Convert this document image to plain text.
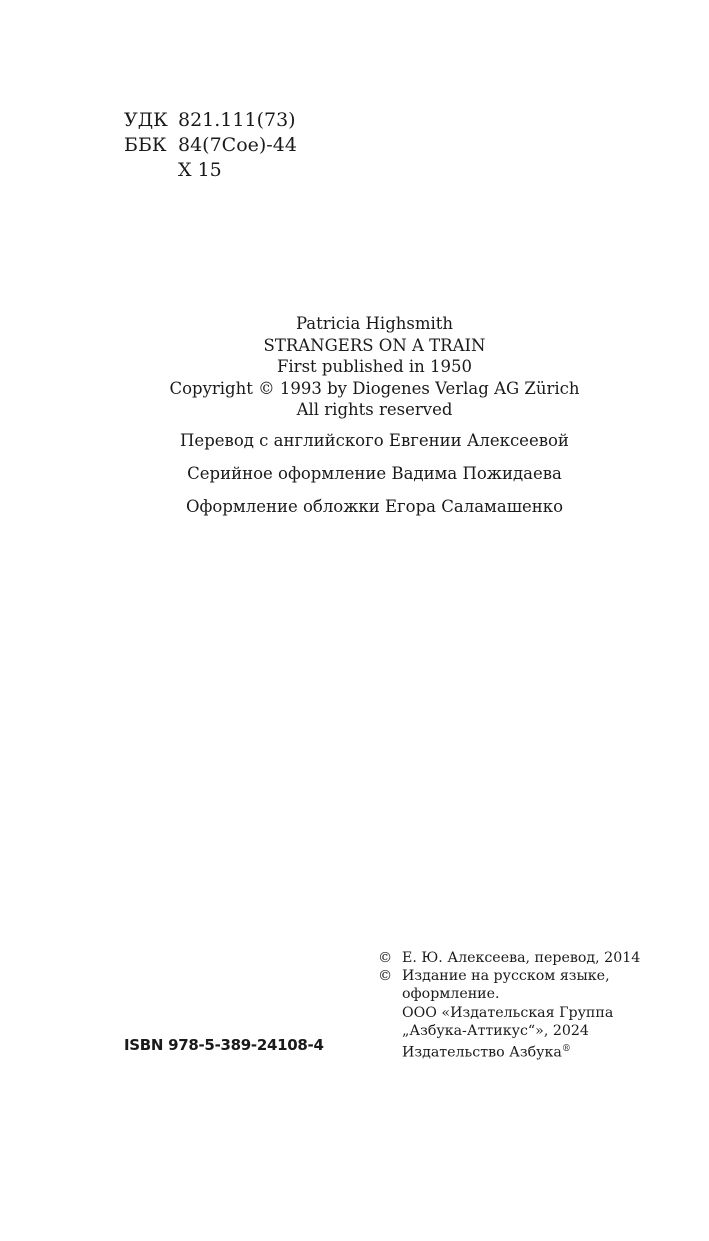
УДК 821.111(73)
ББК 84(7Сое)-44
Х 15
Patricia Highsmith
STRANGERS ON A TRAIN
First published in 1950
Copyright © 1993 by Diogenes Verlag AG Zürich
All rights reserved
Перевод с английского Евгении Алексеевой
Серийное оформление Вадима Пожидаева
Оформление обложки Егора Саламашенко
© Е. Ю. Алексеева, перевод, 2014
© Издание на русском языке,
оформление.
ООО «Издательская Группа
„Азбука-Аттикус“», 2024
Издательство Азбука®
ISBN 978-5-389-24108-4
